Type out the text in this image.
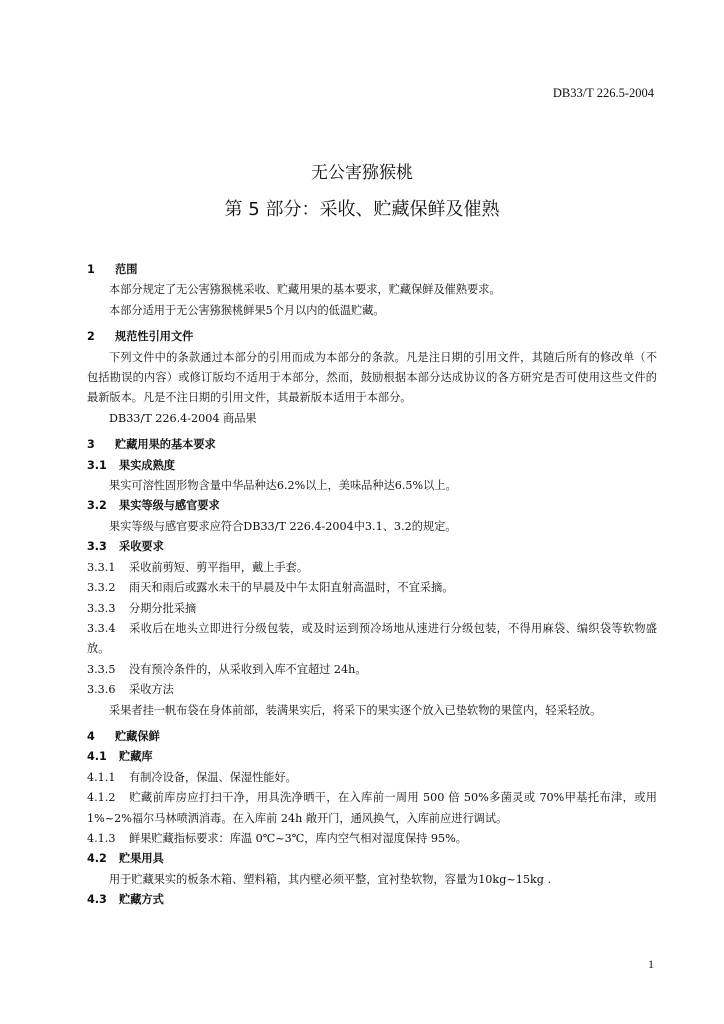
DB33/T 226.5-2004
无公害猕猴桃
第 5 部分：采收、贮藏保鲜及催熟
1 范围
本部分规定了无公害猕猴桃采收、贮藏用果的基本要求，贮藏保鲜及催熟要求。
本部分适用于无公害猕猴桃鲜果5个月以内的低温贮藏。
2 规范性引用文件
下列文件中的条款通过本部分的引用而成为本部分的条款。凡是注日期的引用文件，其随后所有的修改单（不包括勘误的内容）或修订版均不适用于本部分，然而，鼓励根据本部分达成协议的各方研究是否可使用这些文件的最新版本。凡是不注日期的引用文件，其最新版本适用于本部分。
DB33/T 226.4-2004 商品果
3 贮藏用果的基本要求
3.1 果实成熟度
果实可溶性固形物含量中华品种达6.2%以上，美味品种达6.5%以上。
3.2 果实等级与感官要求
果实等级与感官要求应符合DB33/T 226.4-2004中3.1、3.2的规定。
3.3 采收要求
3.3.1 采收前剪短、剪平指甲，戴上手套。
3.3.2 雨天和雨后或露水未干的早晨及中午太阳直射高温时，不宜采摘。
3.3.3 分期分批采摘
3.3.4 采收后在地头立即进行分级包装，或及时运到预冷场地从速进行分级包装，不得用麻袋、编织袋等软物盛放。
3.3.5 没有预冷条件的，从采收到入库不宜超过 24h。
3.3.6 采收方法
采果者挂一帆布袋在身体前部，装满果实后，将采下的果实逐个放入已垫软物的果筐内，轻采轻放。
4 贮藏保鲜
4.1 贮藏库
4.1.1 有制冷设备，保温、保湿性能好。
4.1.2 贮藏前库房应打扫干净，用具洗净晒干，在入库前一周用 500 倍 50%多菌灵或 70%甲基托布津，或用 1%~2%福尔马林喷洒消毒。在入库前 24h 敞开门，通风换气，入库前应进行调试。
4.1.3 鲜果贮藏指标要求：库温 0℃~3℃，库内空气相对湿度保持 95%。
4.2 贮果用具
用于贮藏果实的板条木箱、塑料箱，其内壁必须平整，宜衬垫软物，容量为10kg~15kg .
4.3 贮藏方式
1
